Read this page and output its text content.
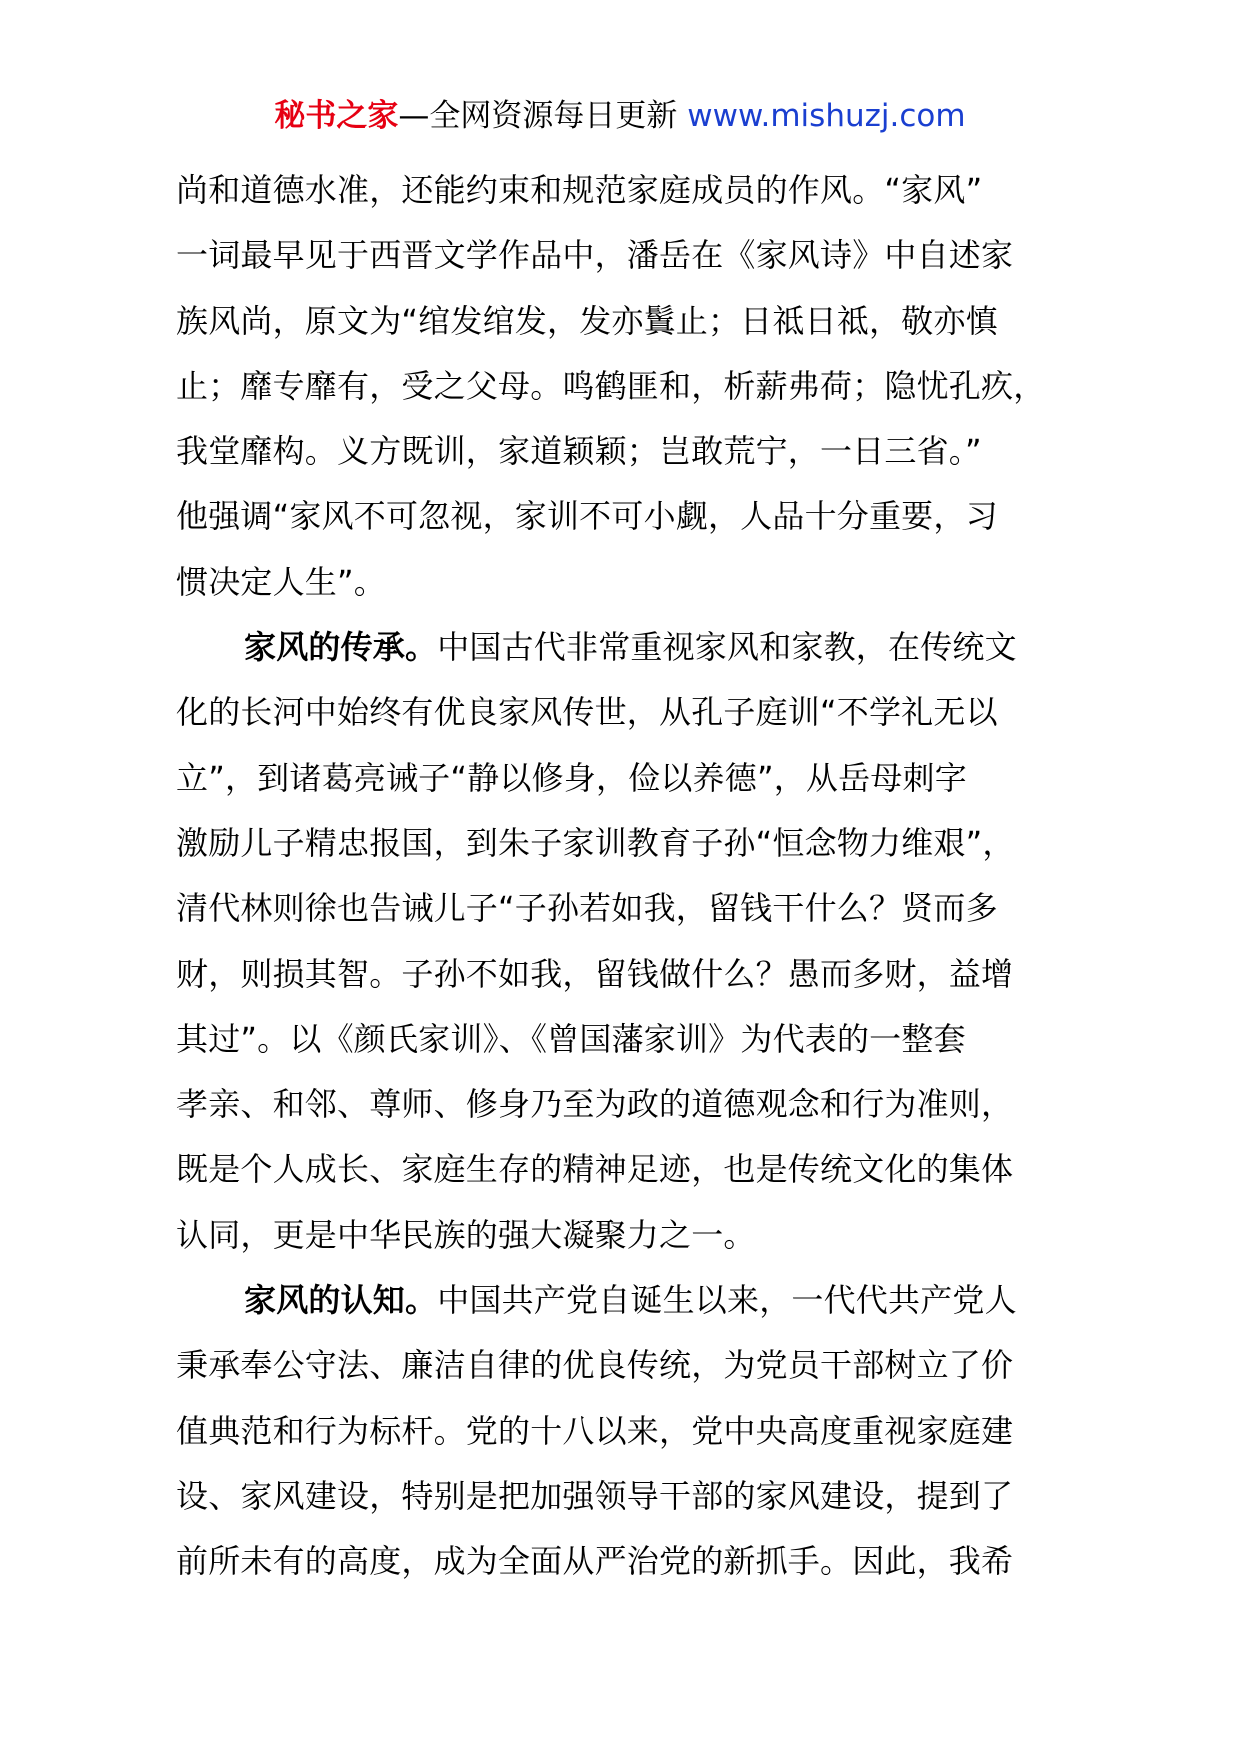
秘书之家—全网资源每日更新 www.mishuzj.com
尚和道德水准，还能约束和规范家庭成员的作风。“家风”
一词最早见于西晋文学作品中，潘岳在《家风诗》中自述家
族风尚，原文为“绾发绾发，发亦鬒止；日祗日祗，敬亦慎
止；靡专靡有，受之父母。鸣鹤匪和，析薪弗荷；隐忧孔疚，
我堂靡构。义方既训，家道颖颖；岂敢荒宁，一日三省。”
他强调“家风不可忽视，家训不可小觑，人品十分重要，习
惯决定人生”。
家风的传承。中国古代非常重视家风和家教，在传统文
化的长河中始终有优良家风传世，从孔子庭训“不学礼无以
立”，到诸葛亮诫子“静以修身，俭以养德”，从岳母刺字
激励儿子精忠报国，到朱子家训教育子孙“恒念物力维艰”，
清代林则徐也告诫儿子“子孙若如我，留钱干什么？贤而多
财，则损其智。子孙不如我，留钱做什么？愚而多财，益增
其过”。以《颜氏家训》、《曾国藩家训》为代表的一整套
孝亲、和邻、尊师、修身乃至为政的道德观念和行为准则，
既是个人成长、家庭生存的精神足迹，也是传统文化的集体
认同，更是中华民族的强大凝聚力之一。
家风的认知。中国共产党自诞生以来，一代代共产党人
秉承奉公守法、廉洁自律的优良传统，为党员干部树立了价
值典范和行为标杆。党的十八以来，党中央高度重视家庭建
设、家风建设，特别是把加强领导干部的家风建设，提到了
前所未有的高度，成为全面从严治党的新抓手。因此，我希
